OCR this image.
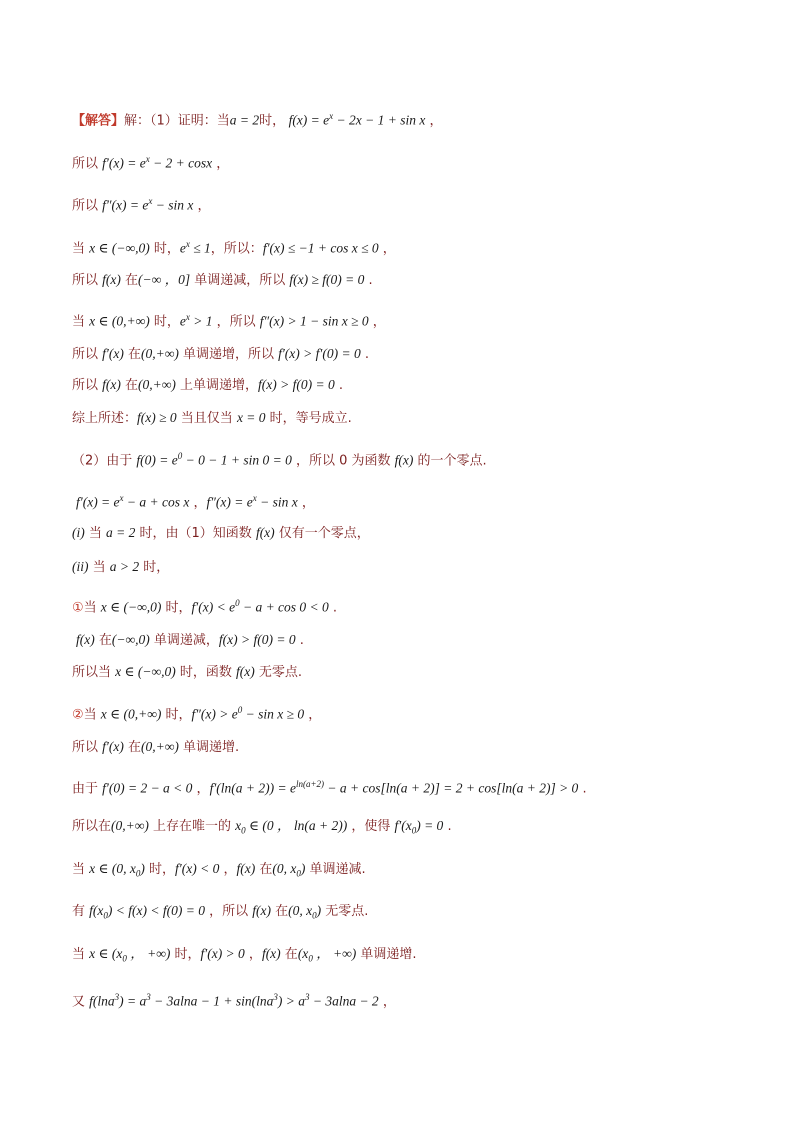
【解答】解：（1）证明：当a = 2时， $f(x) = e^x - 2x - 1 + \sin x$ ，
所以 $f'(x) = e^x - 2 + \cos x$ ，
所以 $f''(x) = e^x - \sin x$ ，
当 x ∈ (−∞,0) 时，$e^x \le 1$，所以：f′(x) ≤ −1 + cos x ≤ 0 ，
所以 f(x) 在(−∞ ，0] 单调递减，所以 f(x) ≥ f(0) = 0 .
当 x ∈ (0,+∞) 时，$e^x > 1$ ，所以 f″(x) > 1 − sin x ≥ 0 ，
所以 f′(x) 在(0,+∞) 单调递增，所以 f′(x) > f′(0) = 0 .
所以 f(x) 在(0,+∞) 上单调递增，f(x) > f(0) = 0 .
综上所述：f(x) ≥ 0 当且仅当 x = 0 时，等号成立.
（2）由于 $f(0) = e^0 - 0 - 1 + \sin 0 = 0$ ，所以 0 为函数 f(x) 的一个零点.
$f'(x) = e^x - a + \cos x$ ，$f''(x) = e^x - \sin x$ ，
(i) 当 a = 2 时，由（1）知函数 f(x) 仅有一个零点，
(ii) 当 a > 2 时，
①当 x ∈ (−∞,0) 时，$f'(x) < e^0 - a + \cos 0 < 0$ .
f(x) 在(−∞,0) 单调递减，f(x) > f(0) = 0 .
所以当 x ∈ (−∞,0) 时，函数 f(x) 无零点.
②当 x ∈ (0,+∞) 时，$f''(x) > e^0 - \sin x \ge 0$ ，
所以 f′(x) 在(0,+∞) 单调递增.
由于 f′(0) = 2 − a < 0 ，$f'(\ln(a + 2)) = e^{ln(a+2)} - a + \cos[\ln(a + 2)] = 2 + \cos[\ln(a + 2)] > 0$ .
所以在(0,+∞) 上存在唯一的 $x_0$ ∈ (0 ， ln(a + 2)) ，使得 $f'(x_0) = 0$ .
当 x ∈ (0, $x_0$) 时，f′(x) < 0 ，f(x) 在(0, $x_0$) 单调递减.
有 $f(x_0) < f(x) < f(0) = 0$ ，所以 f(x) 在(0, $x_0$) 无零点.
当 x ∈ ($x_0$ ， +∞) 时，f′(x) > 0 ，f(x) 在($x_0$ ， +∞) 单调递增.
又 $f(\ln a^3) = a^3 - 3alna - 1 + \sin(\ln a^3) > a^3 - 3alna - 2$ ，
